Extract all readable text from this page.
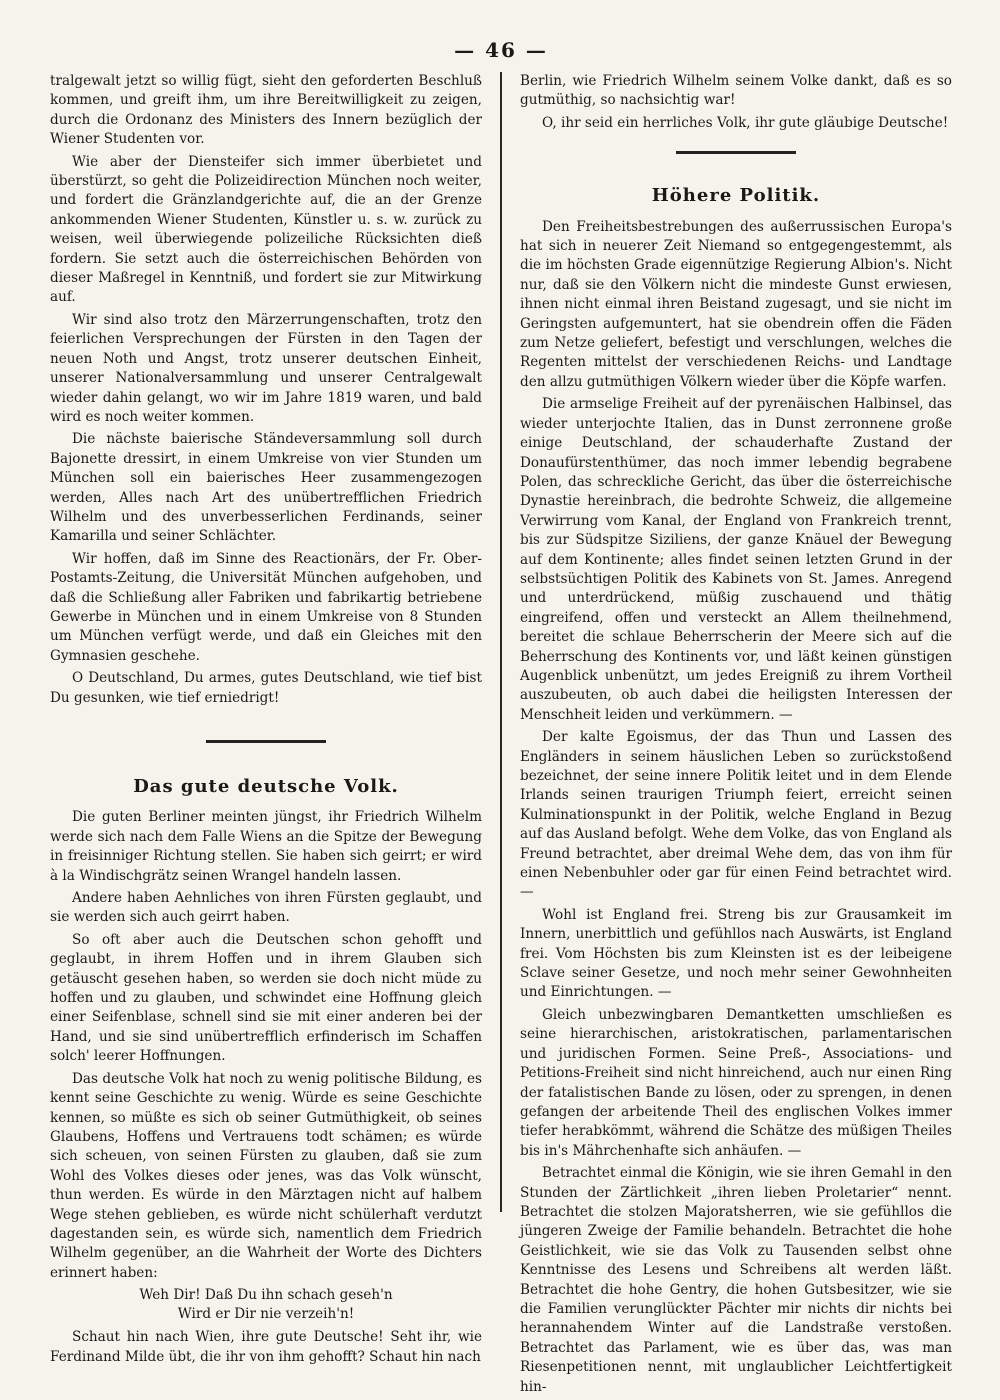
— 46 —

tralgewalt jetzt so willig fügt, sieht den geforderten Beschluß kommen, und greift ihm, um ihre Bereitwilligkeit zu zeigen, durch die Ordonanz des Ministers des Innern bezüglich der Wiener Studenten vor.

Wie aber der Diensteifer sich immer überbietet und überstürzt, so geht die Polizeidirection München noch weiter, und fordert die Gränzlandgerichte auf, die an der Grenze ankommenden Wiener Studenten, Künstler u. s. w. zurück zu weisen, weil überwiegende polizeiliche Rücksichten dieß fordern. Sie setzt auch die österreichischen Behörden von dieser Maßregel in Kenntniß, und fordert sie zur Mitwirkung auf.

Wir sind also trotz den Märzerrungenschaften, trotz den feierlichen Versprechungen der Fürsten in den Tagen der neuen Noth und Angst, trotz unserer deutschen Einheit, unserer Nationalversammlung und unserer Centralgewalt wieder dahin gelangt, wo wir im Jahre 1819 waren, und bald wird es noch weiter kommen.

Die nächste baierische Ständeversammlung soll durch Bajonette dressirt, in einem Umkreise von vier Stunden um München soll ein baierisches Heer zusammengezogen werden, Alles nach Art des unübertrefflichen Friedrich Wilhelm und des unverbesserlichen Ferdinands, seiner Kamarilla und seiner Schlächter.

Wir hoffen, daß im Sinne des Reactionärs, der Fr. Ober-Postamts-Zeitung, die Universität München aufgehoben, und daß die Schließung aller Fabriken und fabrikartig betriebene Gewerbe in München und in einem Umkreise von 8 Stunden um München verfügt werde, und daß ein Gleiches mit den Gymnasien geschehe.

O Deutschland, Du armes, gutes Deutschland, wie tief bist Du gesunken, wie tief erniedrigt!

Das gute deutsche Volk.

Die guten Berliner meinten jüngst, ihr Friedrich Wilhelm werde sich nach dem Falle Wiens an die Spitze der Bewegung in freisinniger Richtung stellen. Sie haben sich geirrt; er wird à la Windischgrätz seinen Wrangel handeln lassen.

Andere haben Aehnliches von ihren Fürsten geglaubt, und sie werden sich auch geirrt haben.

So oft aber auch die Deutschen schon gehofft und geglaubt, in ihrem Hoffen und in ihrem Glauben sich getäuscht gesehen haben, so werden sie doch nicht müde zu hoffen und zu glauben, und schwindet eine Hoffnung gleich einer Seifenblase, schnell sind sie mit einer anderen bei der Hand, und sie sind unübertrefflich erfinderisch im Schaffen solch' leerer Hoffnungen.

Das deutsche Volk hat noch zu wenig politische Bildung, es kennt seine Geschichte zu wenig. Würde es seine Geschichte kennen, so müßte es sich ob seiner Gutmüthigkeit, ob seines Glaubens, Hoffens und Vertrauens todt schämen; es würde sich scheuen, von seinen Fürsten zu glauben, daß sie zum Wohl des Volkes dieses oder jenes, was das Volk wünscht, thun werden. Es würde in den Märztagen nicht auf halbem Wege stehen geblieben, es würde nicht schülerhaft verdutzt dagestanden sein, es würde sich, namentlich dem Friedrich Wilhelm gegenüber, an die Wahrheit der Worte des Dichters erinnert haben:

Weh Dir! Daß Du ihn schach geseh'n
Wird er Dir nie verzeih'n!

Schaut hin nach Wien, ihre gute Deutsche! Seht ihr, wie Ferdinand Milde übt, die ihr von ihm gehofft? Schaut hin nach

Berlin, wie Friedrich Wilhelm seinem Volke dankt, daß es so gutmüthig, so nachsichtig war!

O, ihr seid ein herrliches Volk, ihr gute gläubige Deutsche!

Höhere Politik.

Den Freiheitsbestrebungen des außerrussischen Europa's hat sich in neuerer Zeit Niemand so entgegengestemmt, als die im höchsten Grade eigennützige Regierung Albion's. Nicht nur, daß sie den Völkern nicht die mindeste Gunst erwiesen, ihnen nicht einmal ihren Beistand zugesagt, und sie nicht im Geringsten aufgemuntert, hat sie obendrein offen die Fäden zum Netze geliefert, befestigt und verschlungen, welches die Regenten mittelst der verschiedenen Reichs- und Landtage den allzu gutmüthigen Völkern wieder über die Köpfe warfen.

Die armselige Freiheit auf der pyrenäischen Halbinsel, das wieder unterjochte Italien, das in Dunst zerronnene große einige Deutschland, der schauderhafte Zustand der Donaufürstenthümer, das noch immer lebendig begrabene Polen, das schreckliche Gericht, das über die österreichische Dynastie hereinbrach, die bedrohte Schweiz, die allgemeine Verwirrung vom Kanal, der England von Frankreich trennt, bis zur Südspitze Siziliens, der ganze Knäuel der Bewegung auf dem Kontinente; alles findet seinen letzten Grund in der selbstsüchtigen Politik des Kabinets von St. James. Anregend und unterdrückend, müßig zuschauend und thätig eingreifend, offen und versteckt an Allem theilnehmend, bereitet die schlaue Beherrscherin der Meere sich auf die Beherrschung des Kontinents vor, und läßt keinen günstigen Augenblick unbenützt, um jedes Ereigniß zu ihrem Vortheil auszubeuten, ob auch dabei die heiligsten Interessen der Menschheit leiden und verkümmern. —

Der kalte Egoismus, der das Thun und Lassen des Engländers in seinem häuslichen Leben so zurückstoßend bezeichnet, der seine innere Politik leitet und in dem Elende Irlands seinen traurigen Triumph feiert, erreicht seinen Kulminationspunkt in der Politik, welche England in Bezug auf das Ausland befolgt. Wehe dem Volke, das von England als Freund betrachtet, aber dreimal Wehe dem, das von ihm für einen Nebenbuhler oder gar für einen Feind betrachtet wird. —

Wohl ist England frei. Streng bis zur Grausamkeit im Innern, unerbittlich und gefühllos nach Auswärts, ist England frei. Vom Höchsten bis zum Kleinsten ist es der leibeigene Sclave seiner Gesetze, und noch mehr seiner Gewohnheiten und Einrichtungen. —

Gleich unbezwingbaren Demantketten umschließen es seine hierarchischen, aristokratischen, parlamentarischen und juridischen Formen. Seine Preß-, Associations- und Petitions-Freiheit sind nicht hinreichend, auch nur einen Ring der fatalistischen Bande zu lösen, oder zu sprengen, in denen gefangen der arbeitende Theil des englischen Volkes immer tiefer herabkömmt, während die Schätze des müßigen Theiles bis in's Mährchenhafte sich anhäufen. —

Betrachtet einmal die Königin, wie sie ihren Gemahl in den Stunden der Zärtlichkeit „ihren lieben Proletarier“ nennt. Betrachtet die stolzen Majoratsherren, wie sie gefühllos die jüngeren Zweige der Familie behandeln. Betrachtet die hohe Geistlichkeit, wie sie das Volk zu Tausenden selbst ohne Kenntnisse des Lesens und Schreibens alt werden läßt. Betrachtet die hohe Gentry, die hohen Gutsbesitzer, wie sie die Familien verunglückter Pächter mir nichts dir nichts bei herannahendem Winter auf die Landstraße verstoßen. Betrachtet das Parlament, wie es über das, was man Riesenpetitionen nennt, mit unglaublicher Leichtfertigkeit hin-
